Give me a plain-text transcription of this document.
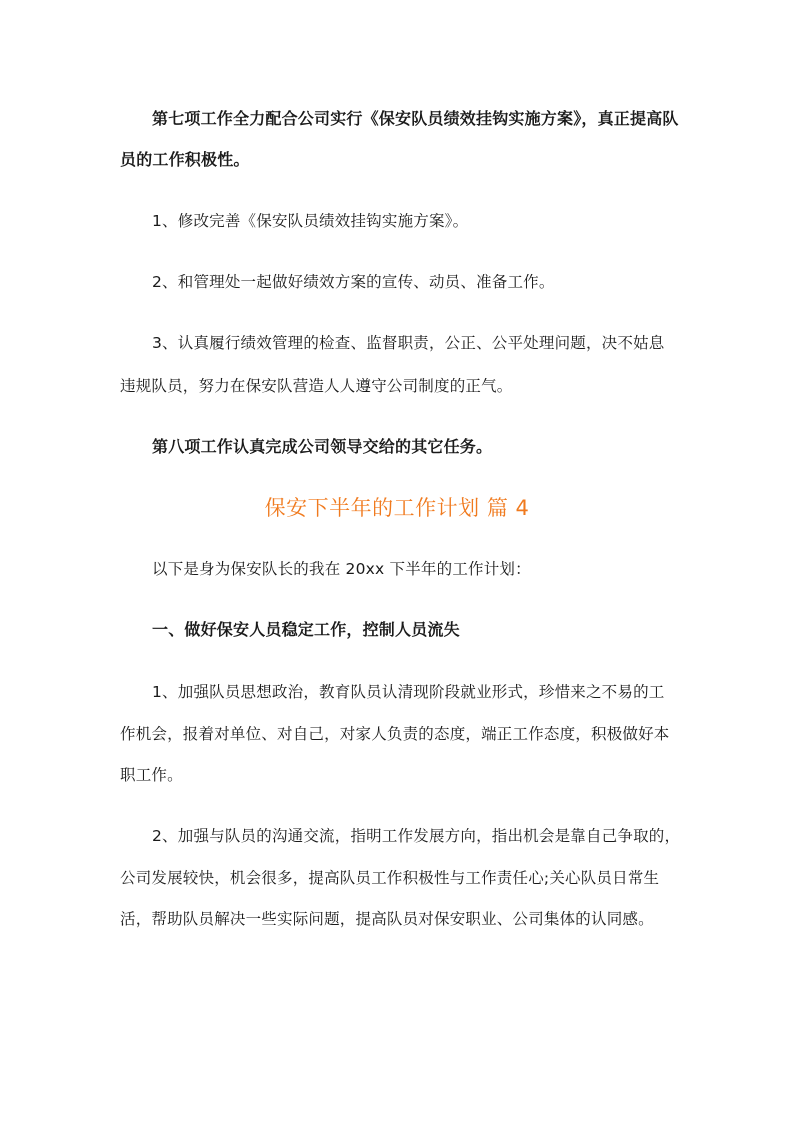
第七项工作全力配合公司实行《保安队员绩效挂钩实施方案》，真正提高队
员的工作积极性。
1、修改完善《保安队员绩效挂钩实施方案》。
2、和管理处一起做好绩效方案的宣传、动员、准备工作。
3、认真履行绩效管理的检查、监督职责，公正、公平处理问题，决不姑息
违规队员，努力在保安队营造人人遵守公司制度的正气。
第八项工作认真完成公司领导交给的其它任务。
保安下半年的工作计划 篇 4
以下是身为保安队长的我在 20xx 下半年的工作计划：
一、做好保安人员稳定工作，控制人员流失
1、加强队员思想政治，教育队员认清现阶段就业形式，珍惜来之不易的工
作机会，报着对单位、对自己，对家人负责的态度，端正工作态度，积极做好本
职工作。
2、加强与队员的沟通交流，指明工作发展方向，指出机会是靠自己争取的，
公司发展较快，机会很多，提高队员工作积极性与工作责任心;关心队员日常生
活，帮助队员解决一些实际问题，提高队员对保安职业、公司集体的认同感。
